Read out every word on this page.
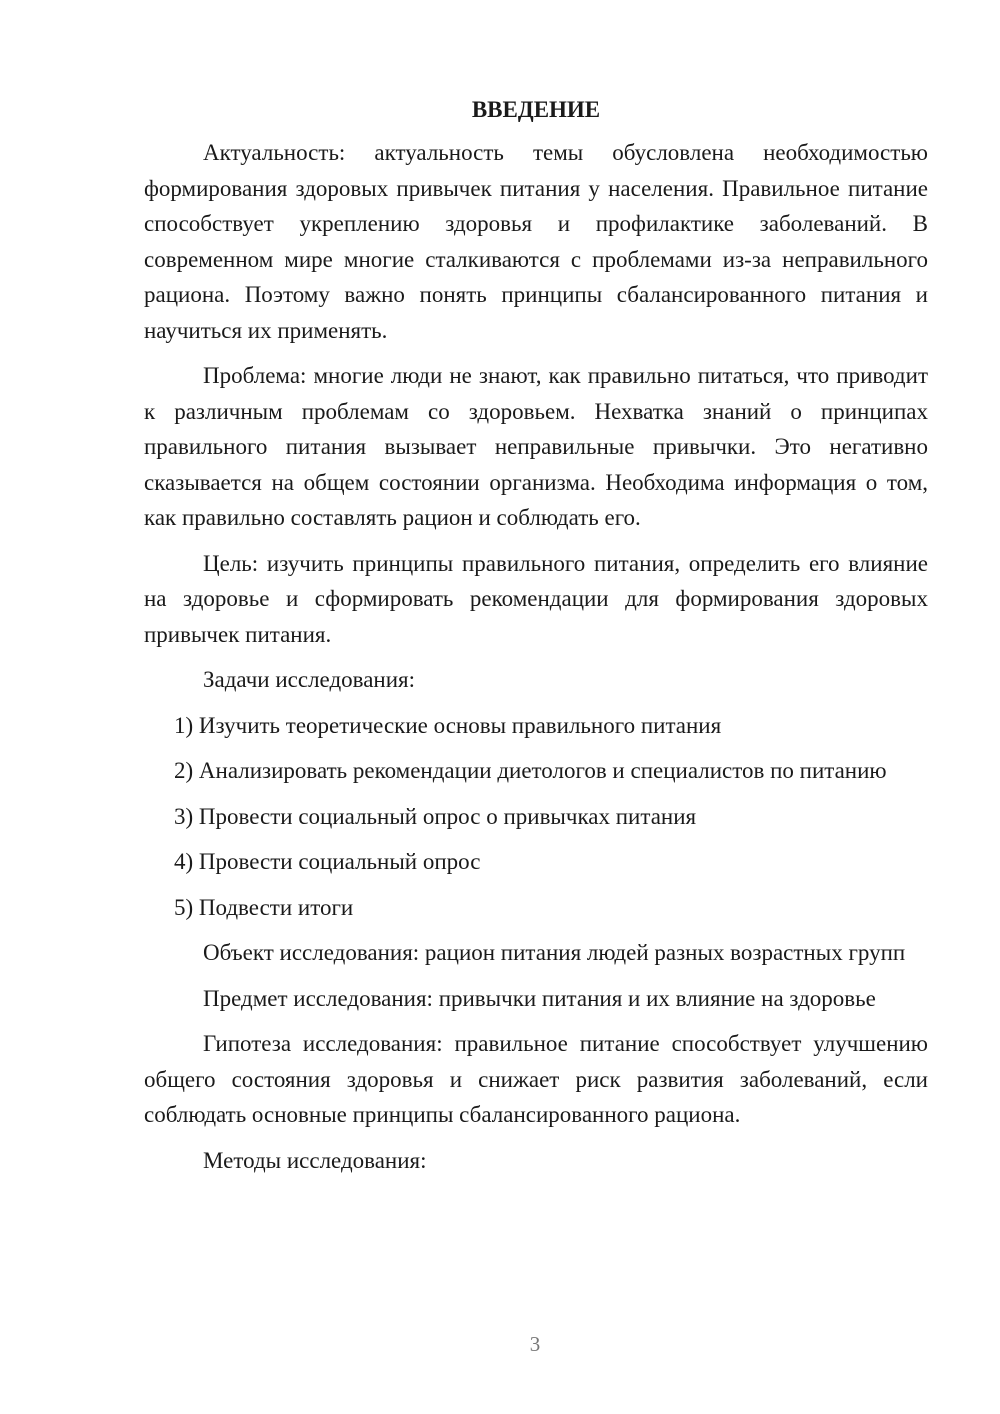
ВВЕДЕНИЕ
Актуальность: актуальность темы обусловлена необходимостью формирования здоровых привычек питания у населения. Правильное питание способствует укреплению здоровья и профилактике заболеваний. В современном мире многие сталкиваются с проблемами из-за неправильного рациона. Поэтому важно понять принципы сбалансированного питания и научиться их применять.
Проблема: многие люди не знают, как правильно питаться, что приводит к различным проблемам со здоровьем. Нехватка знаний о принципах правильного питания вызывает неправильные привычки. Это негативно сказывается на общем состоянии организма. Необходима информация о том, как правильно составлять рацион и соблюдать его.
Цель: изучить принципы правильного питания, определить его влияние на здоровье и сформировать рекомендации для формирования здоровых привычек питания.
Задачи исследования:
1) Изучить теоретические основы правильного питания
2) Анализировать рекомендации диетологов и специалистов по питанию
3) Провести социальный опрос о привычках питания
4) Провести социальный опрос
5) Подвести итоги
Объект исследования: рацион питания людей разных возрастных групп
Предмет исследования: привычки питания и их влияние на здоровье
Гипотеза исследования: правильное питание способствует улучшению общего состояния здоровья и снижает риск развития заболеваний, если соблюдать основные принципы сбалансированного рациона.
Методы исследования:
3
